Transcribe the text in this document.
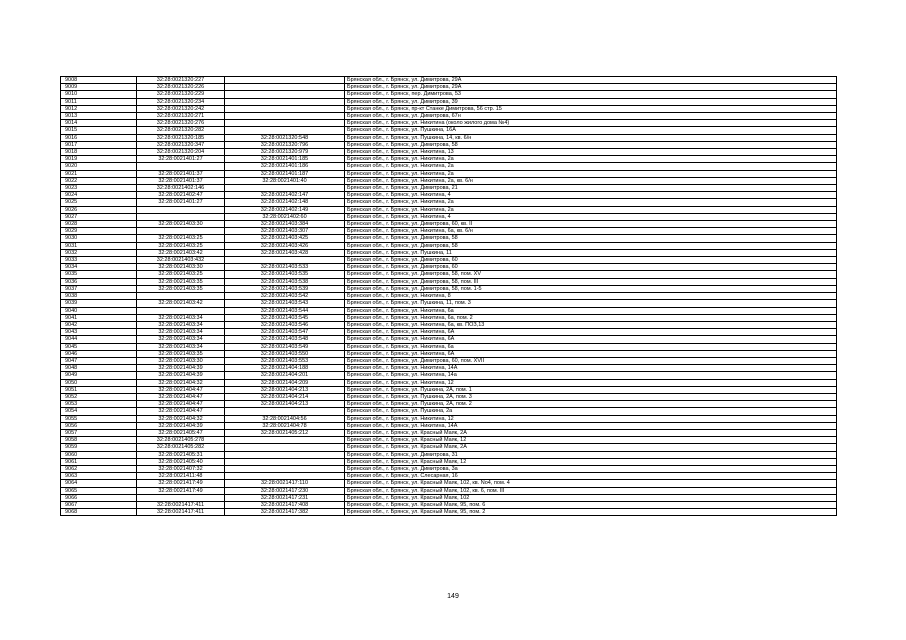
9008	32:28:0021320:227		Брянская обл., г. Брянск, ул. Димитрова, 29А
9009	32:28:0021320:226		Брянская обл., г. Брянск, ул. Димитрова, 29А
9010	32:28:0021320:229		Брянская обл., г. Брянск, пер. Димитрова, 53
9011	32:28:0021320:234		Брянская обл., г. Брянск, ул. Димитрова, 39
9012	32:28:0021320:242		Брянская обл., г. Брянск, пр-кт Станке Димитрова, 56 стр. 15
9013	32:28:0021320:271		Брянская обл., г. Брянск, ул. Димитрова, 67н
9014	32:28:0021320:276		Брянская обл., г. Брянск, ул. Никитина (около жилого дома №4)
9015	32:28:0021320:282		Брянская обл., г. Брянск, ул. Пушкина, 16А
9016	32:28:0021320:185	32:28:0021320:548	Брянская обл., г. Брянск, ул. Пушкина, 14, кв. 6/н
9017	32:28:0021320:347	32:28:0021320:796	Брянская обл., г. Брянск, ул. Димитрова, 58
9018	32:28:0021320:204	32:28:0021320:979	Брянская обл., г. Брянск, ул. Никитина, 13
9019	32:28:0021401:27	32:28:0021401:185	Брянская обл., г. Брянск, ул. Никитина, 2а
9020		32:28:0021401:186	Брянская обл., г. Брянск, ул. Никитина, 2а
9021	32:28:0021401:37	32:28:0021401:187	Брянская обл., г. Брянск, ул. Никитина, 2а
9022	32:28:0021401:37	32:28:0021401:40	Брянская обл., г. Брянск, ул. Никитина, 2а, кв. 6/н
9023	32:28:0021402:146		Брянская обл., г. Брянск, ул. Димитрова, 21
9024	32:28:0021402:47	32:28:0021402:147	Брянская обл., г. Брянск, ул. Никитина, 4
9025	32:28:0021401:27	32:28:0021402:148	Брянская обл., г. Брянск, ул. Никитина, 2а
9026		32:28:0021402:149	Брянская обл., г. Брянск, ул. Никитина, 2а
9027		32:28:0021402:60	Брянская обл., г. Брянск, ул. Никитина, 4
9028	32:28:0021403:30	32:28:0021403:384	Брянская обл., г. Брянск, ул. Димитрова, 60, кв. II
9029		32:28:0021403:307	Брянская обл., г. Брянск, ул. Никитина, 6а, кв. 6/н
9030	32:28:0021403:25	32:28:0021403:425	Брянская обл., г. Брянск, ул. Димитрова, 58
9031	32:28:0021403:25	32:28:0021403:426	Брянская обл., г. Брянск, ул. Димитрова, 58
9032	32:28:0021403:42	32:28:0021403:428	Брянская обл., г. Брянск, ул. Пушкина, 11
9033	32:28:0021403:432		Брянская обл., г. Брянск, ул. Димитрова, 60
9034	32:28:0021403:30	32:28:0021403:533	Брянская обл., г. Брянск, ул. Димитрова, 60
9035	32:28:0021403:25	32:28:0021403:535	Брянская обл., г. Брянск, ул. Димитрова, 58, пом. XV
9036	32:28:0021403:35	32:28:0021403:538	Брянская обл., г. Брянск, ул. Димитрова, 58, пом. III
9037	32:28:0021403:35	32:28:0021403:539	Брянская обл., г. Брянск, ул. Димитрова, 58, пом. 1-5
9038		32:28:0021403:542	Брянская обл., г. Брянск, ул. Никитина, 8
9039	32:28:0021403:42	32:28:0021403:543	Брянская обл., г. Брянск, ул. Пушкина, 11, пом. 3
9040		32:28:0021403:544	Брянская обл., г. Брянск, ул. Никитина, 6а
9041	32:28:0021403:34	32:28:0021403:545	Брянская обл., г. Брянск, ул. Никитина, 6а, пом. 2
9042	32:28:0021403:34	32:28:0021403:546	Брянская обл., г. Брянск, ул. Никитина, 6а, кв. ПОЗ,13
9043	32:28:0021403:34	32:28:0021403:547	Брянская обл., г. Брянск, ул. Никитина, 6А
9044	32:28:0021403:34	32:28:0021403:548	Брянская обл., г. Брянск, ул. Никитина, 6А
9045	32:28:0021403:34	32:28:0021403:549	Брянская обл., г. Брянск, ул. Никитина, 6а
9046	32:28:0021403:35	32:28:0021403:550	Брянская обл., г. Брянск, ул. Никитина, 6А
9047	32:28:0021403:30	32:28:0021403:553	Брянская обл., г. Брянск, ул. Димитрова, 60, пом. XVII
9048	32:28:0021404:39	32:28:0021404:188	Брянская обл., г. Брянск, ул. Никитина, 14А
9049	32:28:0021404:39	32:28:0021404:201	Брянская обл., г. Брянск, ул. Никитина, 14а
9050	32:28:0021404:32	32:28:0021404:209	Брянская обл., г. Брянск, ул. Никитина, 12
9051	32:28:0021404:47	32:28:0021404:213	Брянская обл., г. Брянск, ул. Пушкина, 2А, пом. 1
9052	32:28:0021404:47	32:28:0021404:214	Брянская обл., г. Брянск, ул. Пушкина, 2А, пом. 3
9053	32:28:0021404:47	32:28:0021404:213	Брянская обл., г. Брянск, ул. Пушкина, 2А, пом. 2
9054	32:28:0021404:47		Брянская обл., г. Брянск, ул. Пушкина, 2а
9055	32:28:0021404:32	32:28:0021404:56	Брянская обл., г. Брянск, ул. Никитина, 12
9056	32:28:0021404:39	32:28:0021404:78	Брянская обл., г. Брянск, ул. Никитина, 14А
9057	32:28:0021405:47	32:28:0021405:212	Брянская обл., г. Брянск, ул. Красный Маяк, 2А
9058	32:28:0021405:278		Брянская обл., г. Брянск, ул. Красный Маяк, 12
9059	32:28:0021405:282		Брянская обл., г. Брянск, ул. Красный Маяк, 2А
9060	32:28:0021405:31		Брянская обл., г. Брянск, ул. Димитрова, 31
9061	32:28:0021405:40		Брянская обл., г. Брянск, ул. Красный Маяк, 12
9062	32:28:0021407:32		Брянская обл., г. Брянск, ул. Димитрова, 3а
9063	32:28:0021411:48		Брянская обл., г. Брянск, ул. Слесарная, 16
9064	32:28:0021417:49	32:28:0021417:110	Брянская обл., г. Брянск, ул. Красный Маяк, 102, кв. No4, пом. 4
9065	32:28:0021417:49	32:28:0021417:230	Брянская обл., г. Брянск, ул. Красный Маяк, 102, кв. 6, пом. III
9066		32:28:0021417:231	Брянская обл., г. Брянск, ул. Красный Маяк, 102
9067	32:28:0021417:411	32:28:0021417:408	Брянская обл., г. Брянск, ул. Красный Маяк, 95, пом. 6
9068	32:28:0021417:411	32:28:0021417:382	Брянская обл., г. Брянск, ул. Красный Маяк, 95, пом. 2
149
